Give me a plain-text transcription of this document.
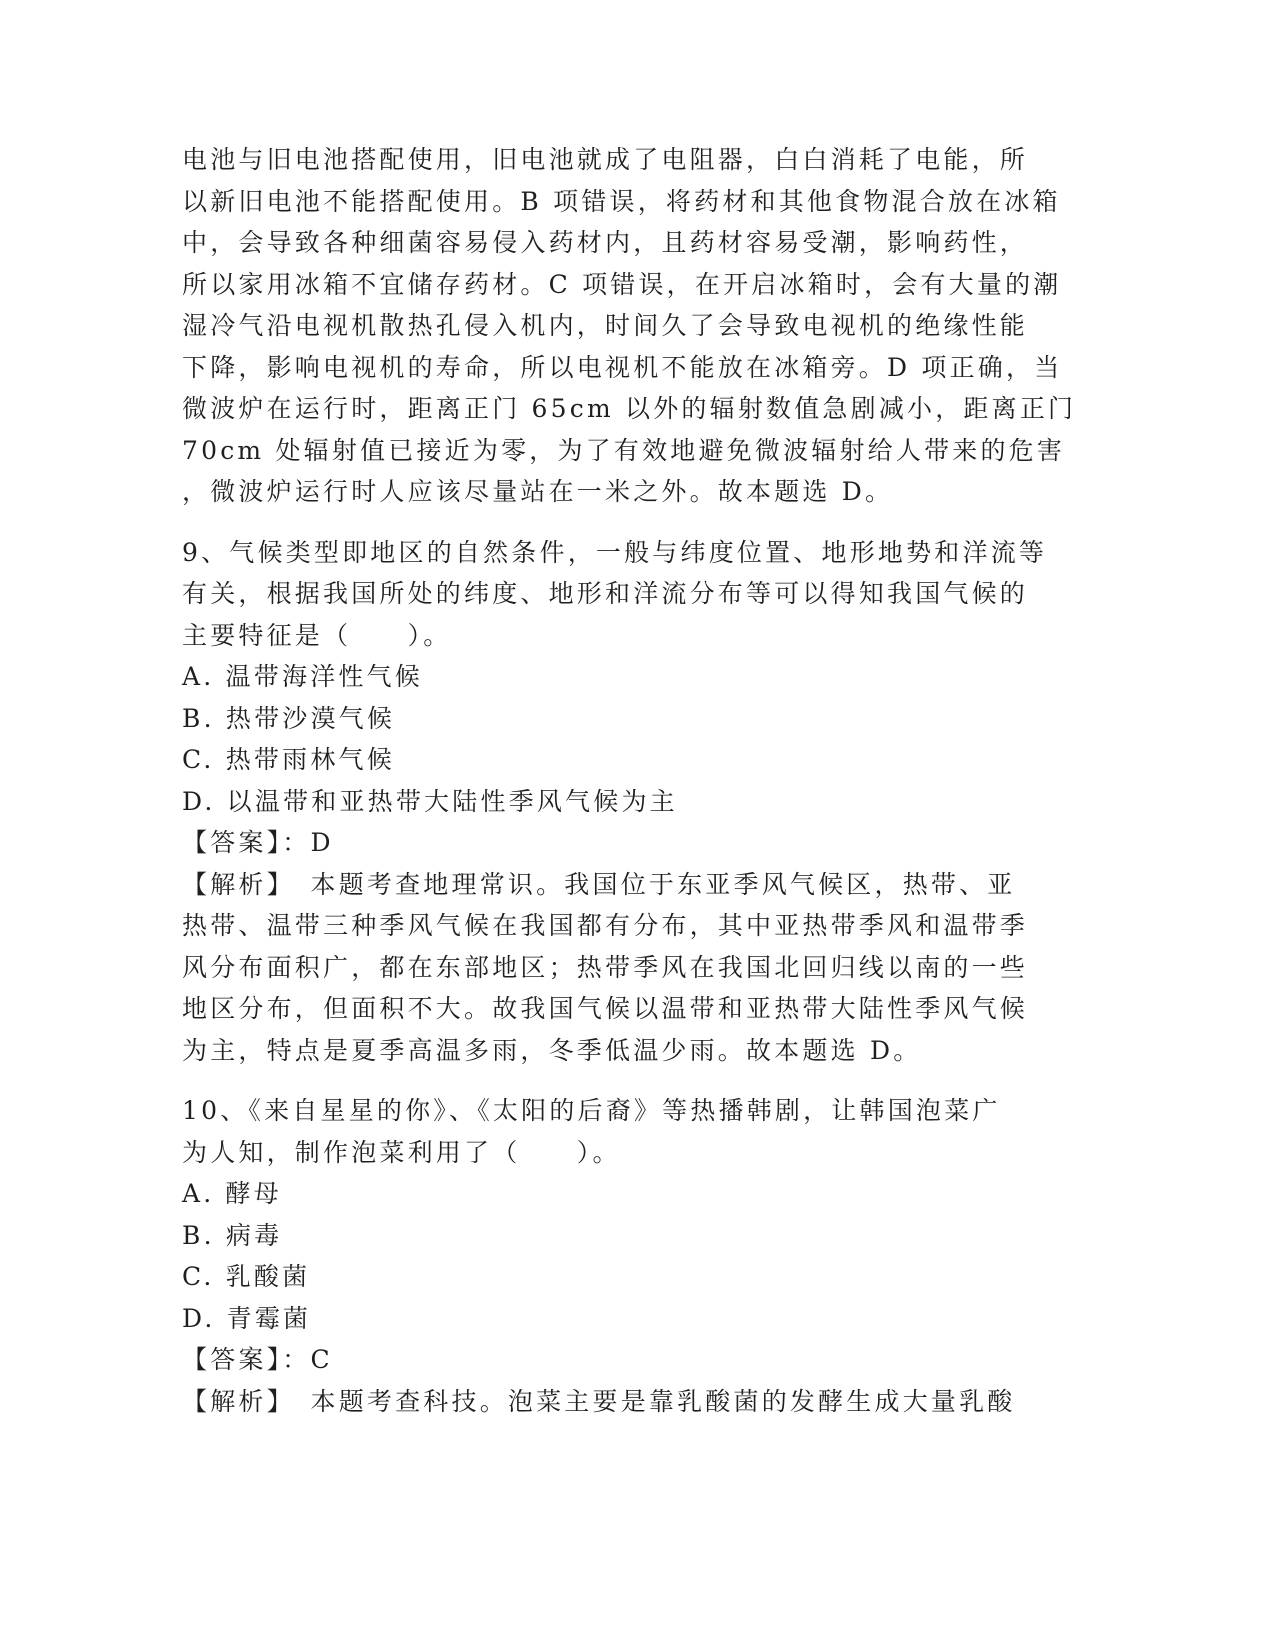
电池与旧电池搭配使用，旧电池就成了电阻器，白白消耗了电能，所

以新旧电池不能搭配使用。B 项错误，将药材和其他食物混合放在冰箱

中，会导致各种细菌容易侵入药材内，且药材容易受潮，影响药性，

所以家用冰箱不宜储存药材。C 项错误，在开启冰箱时，会有大量的潮

湿冷气沿电视机散热孔侵入机内，时间久了会导致电视机的绝缘性能

下降，影响电视机的寿命，所以电视机不能放在冰箱旁。D 项正确，当

微波炉在运行时，距离正门 65cm 以外的辐射数值急剧减小，距离正门

70cm 处辐射值已接近为零，为了有效地避免微波辐射给人带来的危害

，微波炉运行时人应该尽量站在一米之外。故本题选 D。

9、气候类型即地区的自然条件，一般与纬度位置、地形地势和洋流等

有关，根据我国所处的纬度、地形和洋流分布等可以得知我国气候的

主要特征是（　　）。

A. 温带海洋性气候

B. 热带沙漠气候

C. 热带雨林气候

D. 以温带和亚热带大陆性季风气候为主

【答案】：D

【解析】　本题考查地理常识。我国位于东亚季风气候区，热带、亚

热带、温带三种季风气候在我国都有分布，其中亚热带季风和温带季

风分布面积广，都在东部地区；热带季风在我国北回归线以南的一些

地区分布，但面积不大。故我国气候以温带和亚热带大陆性季风气候

为主，特点是夏季高温多雨，冬季低温少雨。故本题选 D。

10、《来自星星的你》、《太阳的后裔》等热播韩剧，让韩国泡菜广

为人知，制作泡菜利用了（　　）。

A. 酵母

B. 病毒

C. 乳酸菌

D. 青霉菌

【答案】：C

【解析】　本题考查科技。泡菜主要是靠乳酸菌的发酵生成大量乳酸
